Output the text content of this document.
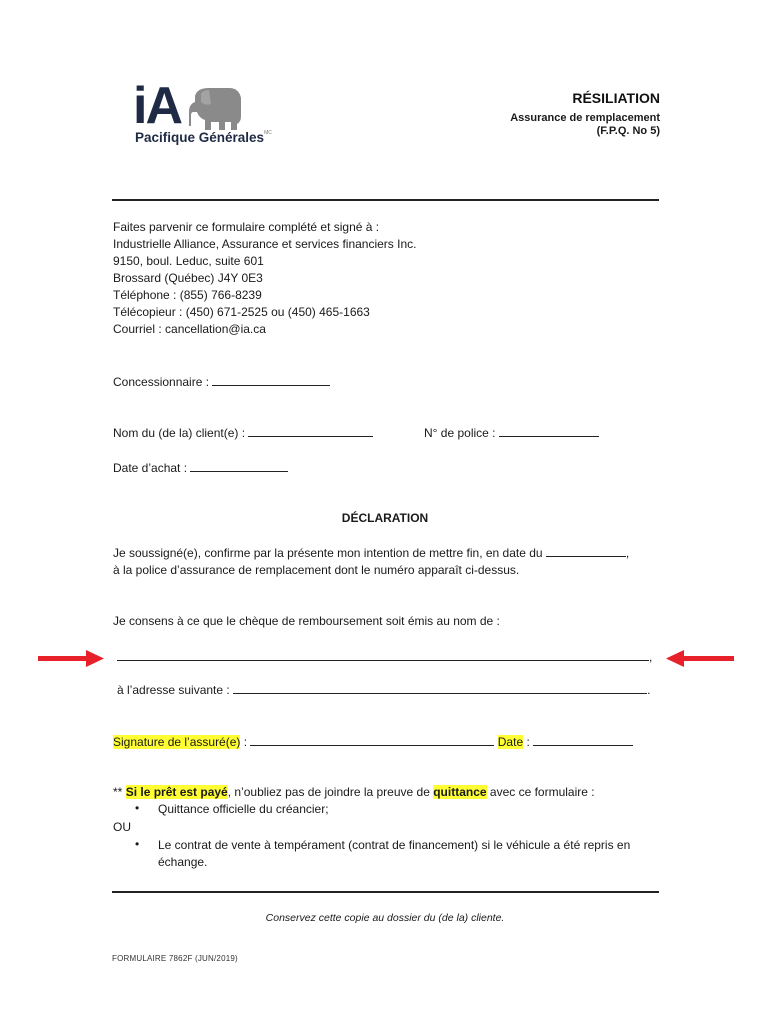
iA
Pacifique Générales$^{MC}$
RÉSILIATION
Assurance de remplacement
(F.P.Q. No 5)
Faites parvenir ce formulaire complété et signé à :
Industrielle Alliance, Assurance et services financiers Inc.
9150, boul. Leduc, suite 601
Brossard (Québec) J4Y 0E3
Téléphone : (855) 766-8239
Télécopieur : (450) 671-2525 ou (450) 465-1663
Courriel : cancellation@ia.ca
Concessionnaire :
Nom du (de la) client(e) :	N° de police :
Date d’achat :
DÉCLARATION
Je soussigné(e), confirme par la présente mon intention de mettre fin, en date du	,
à la police d’assurance de remplacement dont le numéro apparaît ci-dessus.
Je consens à ce que le chèque de remboursement soit émis au nom de :
,
à l’adresse suivante :	.
Signature de l’assuré(e) :	Date :
** Si le prêt est payé, n’oubliez pas de joindre la preuve de quittance avec ce formulaire :
• Quittance officielle du créancier;
OU
• Le contrat de vente à tempérament (contrat de financement) si le véhicule a été repris en
échange.
Conservez cette copie au dossier du (de la) cliente.
FORMULAIRE 7862F (JUN/2019)
